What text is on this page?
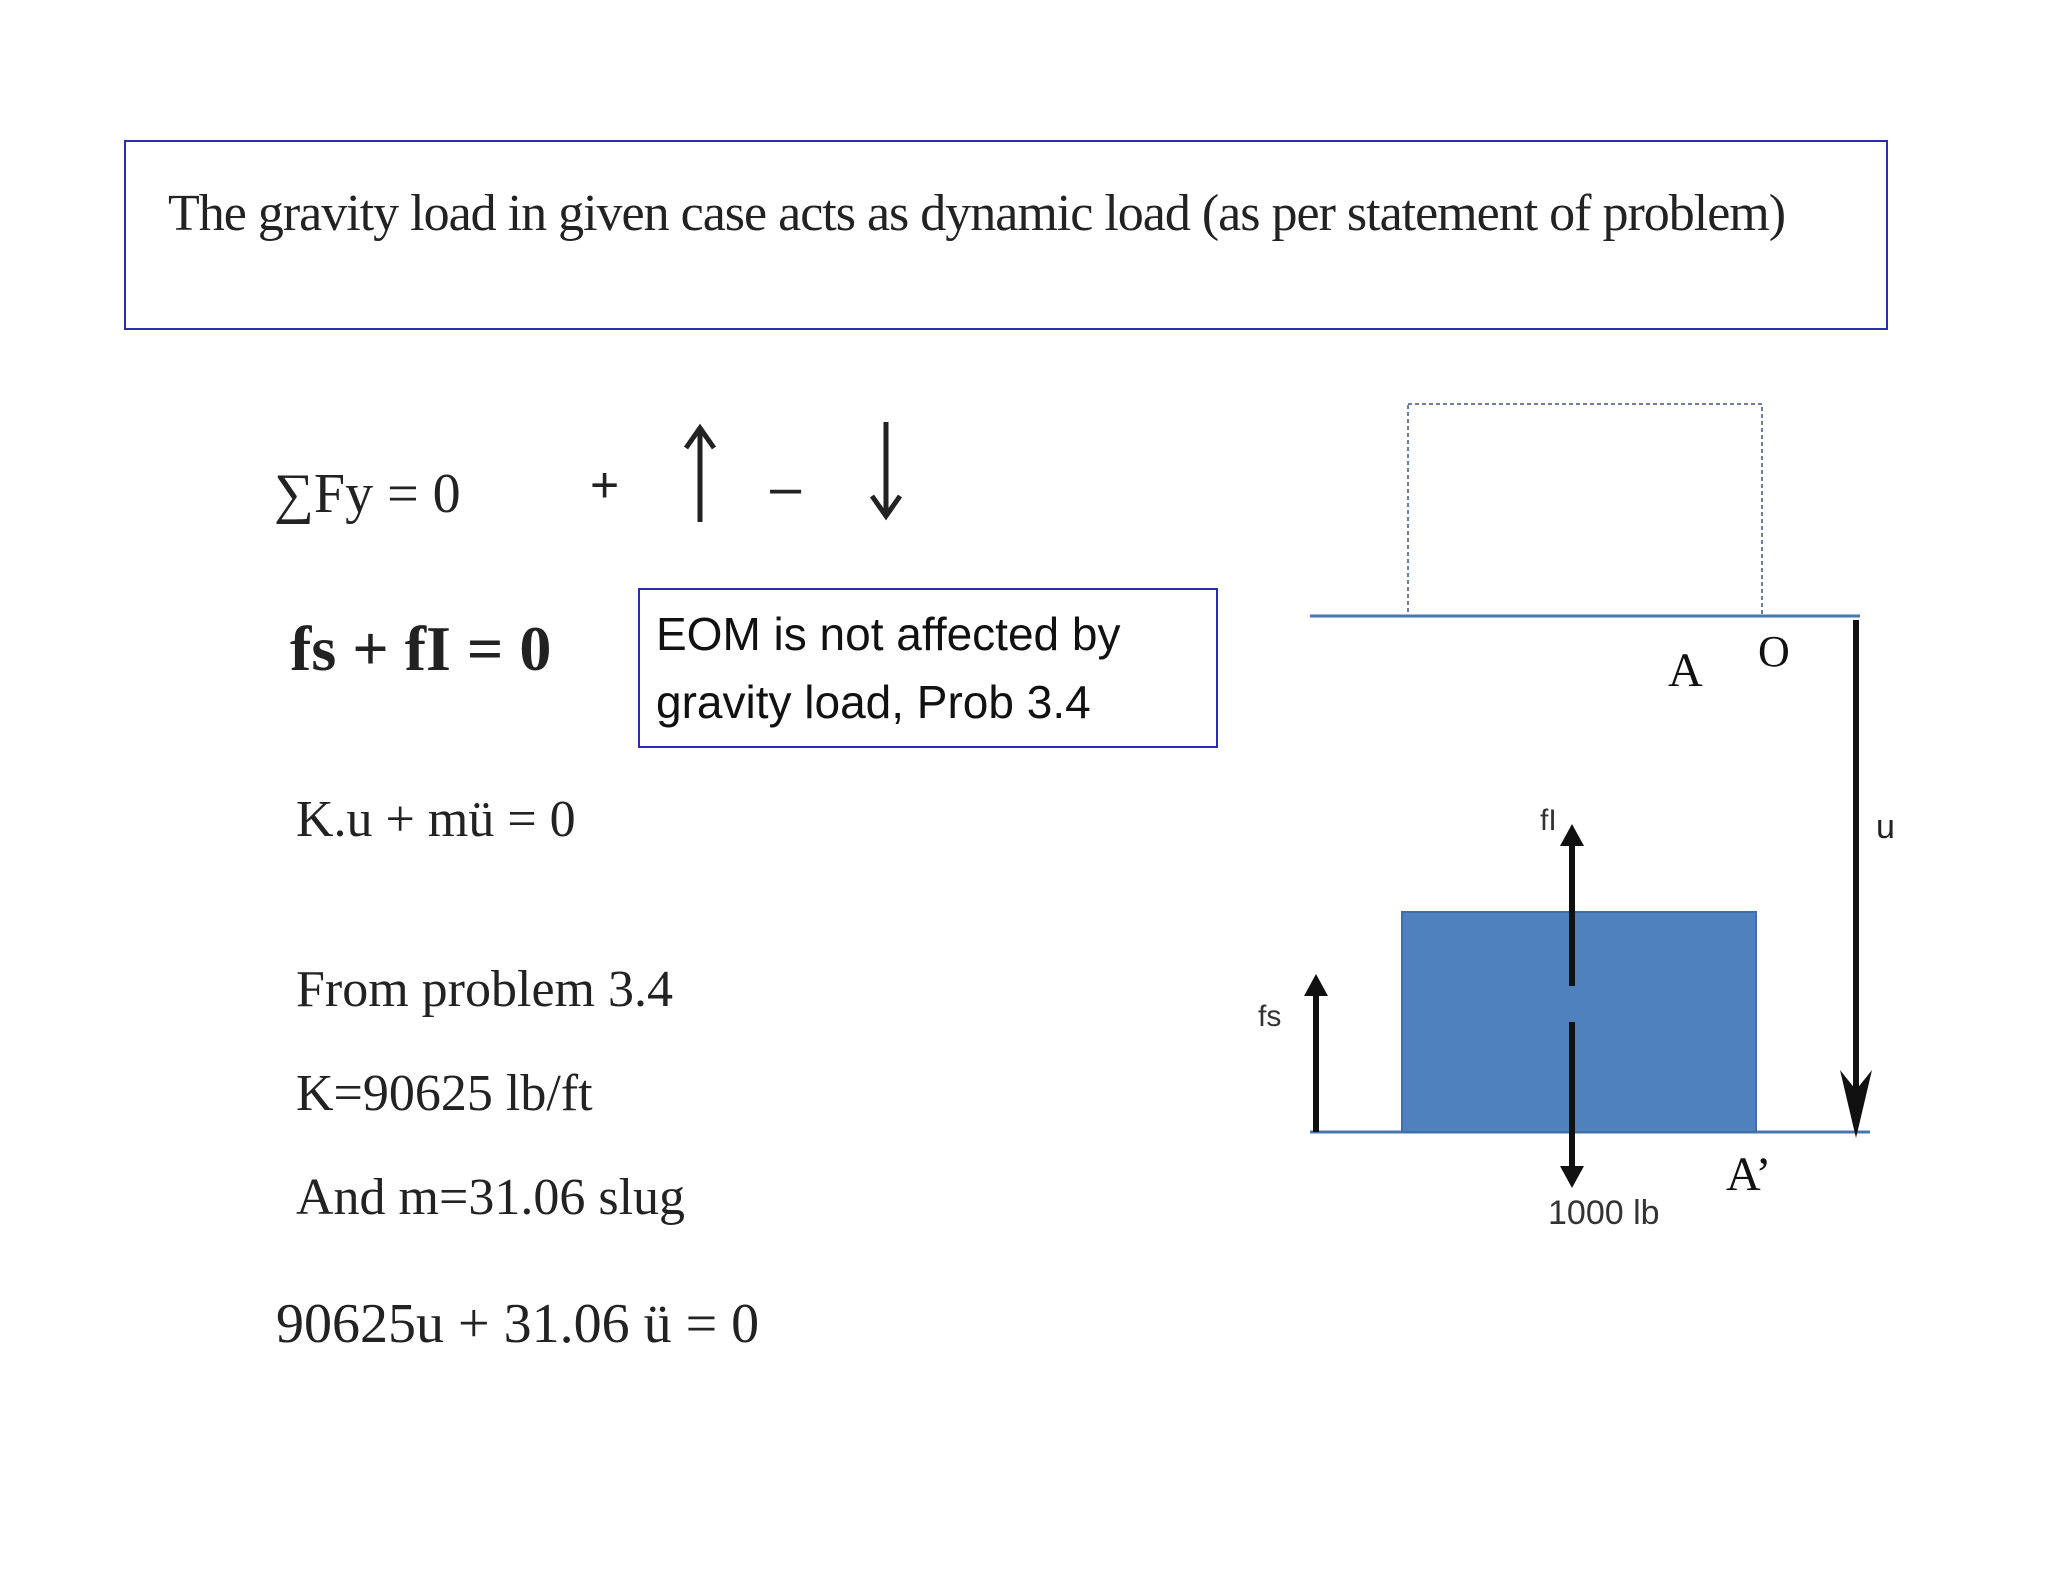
The gravity load in given case acts as dynamic load (as per statement of problem)
∑Fy = 0	+	–
fs + fI = 0	EOM is not affected by gravity load, Prob 3.4
K.u + mü = 0
From problem 3.4
K=90625 lb/ft
And m=31.06 slug
90625u + 31.06 ü = 0
A O
u
fI
1000 lb
fs
A’
